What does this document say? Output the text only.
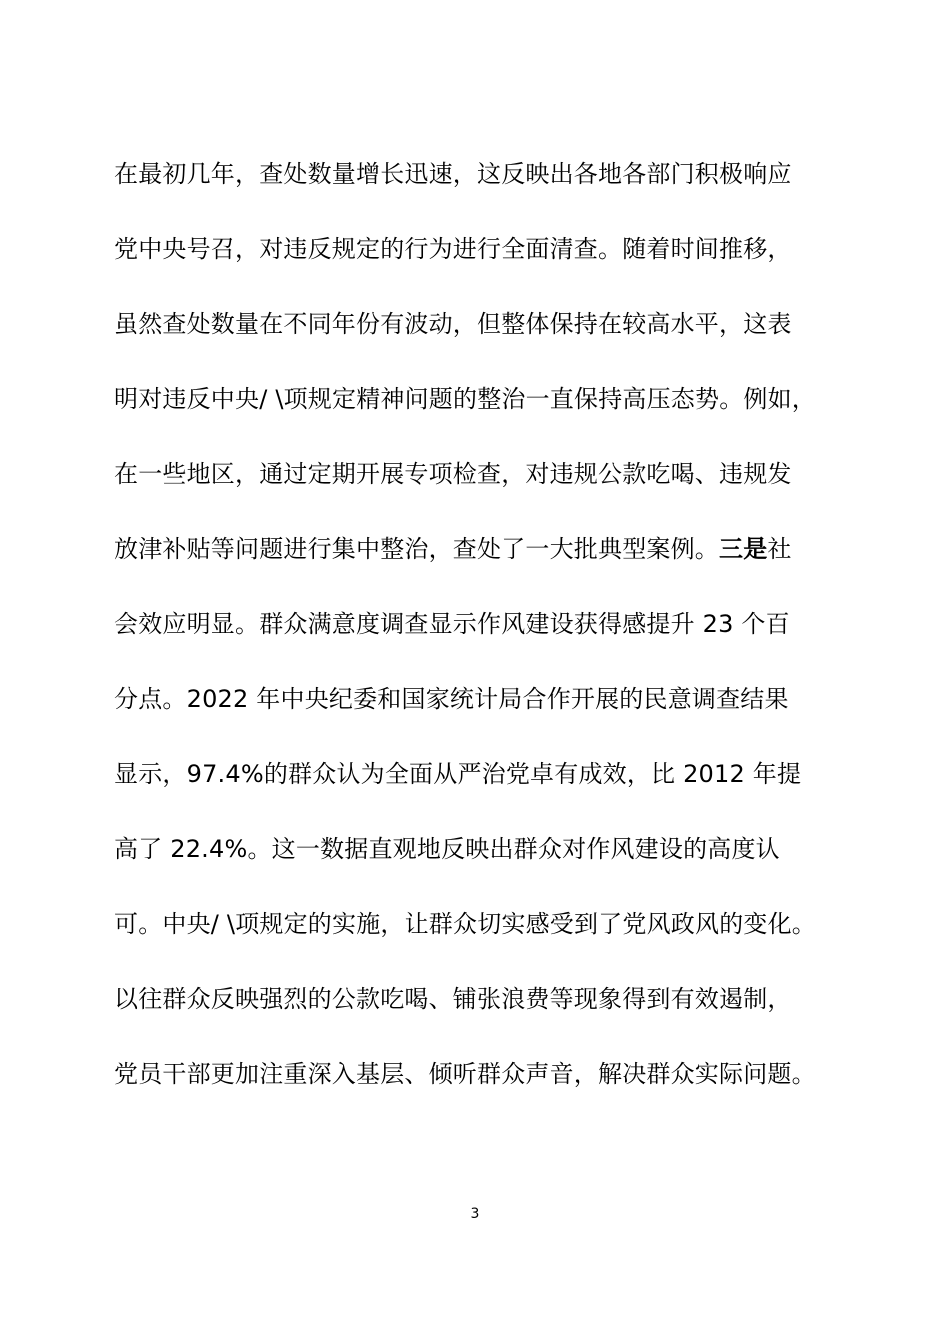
在最初几年，查处数量增长迅速，这反映出各地各部门积极响应
党中央号召，对违反规定的行为进行全面清查。随着时间推移，
虽然查处数量在不同年份有波动，但整体保持在较高水平，这表
明对违反中央/ \项规定精神问题的整治一直保持高压态势。例如，
在一些地区，通过定期开展专项检查，对违规公款吃喝、违规发
放津补贴等问题进行集中整治，查处了一大批典型案例。三是社
会效应明显。群众满意度调查显示作风建设获得感提升 23 个百
分点。2022 年中央纪委和国家统计局合作开展的民意调查结果
显示，97.4%的群众认为全面从严治党卓有成效，比 2012 年提
高了 22.4%。这一数据直观地反映出群众对作风建设的高度认
可。中央/ \项规定的实施，让群众切实感受到了党风政风的变化。
以往群众反映强烈的公款吃喝、铺张浪费等现象得到有效遏制，
党员干部更加注重深入基层、倾听群众声音，解决群众实际问题。
3
